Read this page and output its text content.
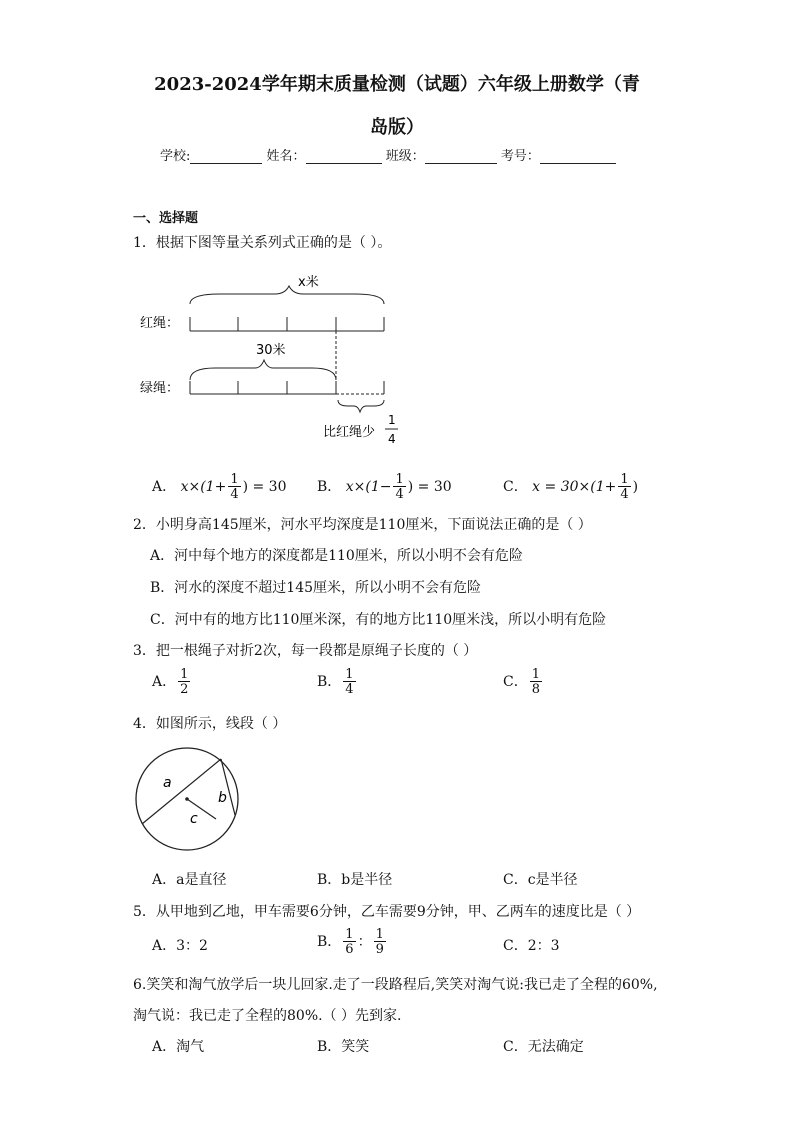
2023-2024学年期末质量检测（试题）六年级上册数学（青
岛版）
学校:	姓名：	班级：	考号：
一、选择题
1．根据下图等量关系列式正确的是（ ）。
x米
红绳：
30米
绿绳：
比红绳少
1
4
A． $x\times(1+ \frac{1}{4}$ ) = 30 B． $x\times(1- \frac{1}{4}$ ) = 30	C． $x = 30\times(1+ \frac{1}{4}$ )
2．小明身高145厘米，河水平均深度是110厘米，下面说法正确的是（ ）
A．河中每个地方的深度都是110厘米，所以小明不会有危险
B．河水的深度不超过145厘米，所以小明不会有危险
C．河中有的地方比110厘米深，有的地方比110厘米浅，所以小明有危险
3．把一根绳子对折2次，每一段都是原绳子长度的（ ）
A． $\frac{1}{2}$	B． $\frac{1}{4}$	C． $\frac{1}{8}$
4．如图所示，线段（ ）
a
b
c
A．a是直径	B．b是半径	C．c是半径
5．从甲地到乙地，甲车需要6分钟，乙车需要9分钟，甲、乙两车的速度比是（ ）
A．3：2	B． $\frac{1}{6}$ ： $\frac{1}{9}$	C．2：3
6.笑笑和淘气放学后一块儿回家.走了一段路程后,笑笑对淘气说:我已走了全程的60%,
淘气说：我已走了全程的80%.（ ）先到家.
A．淘气	B．笑笑	C．无法确定
